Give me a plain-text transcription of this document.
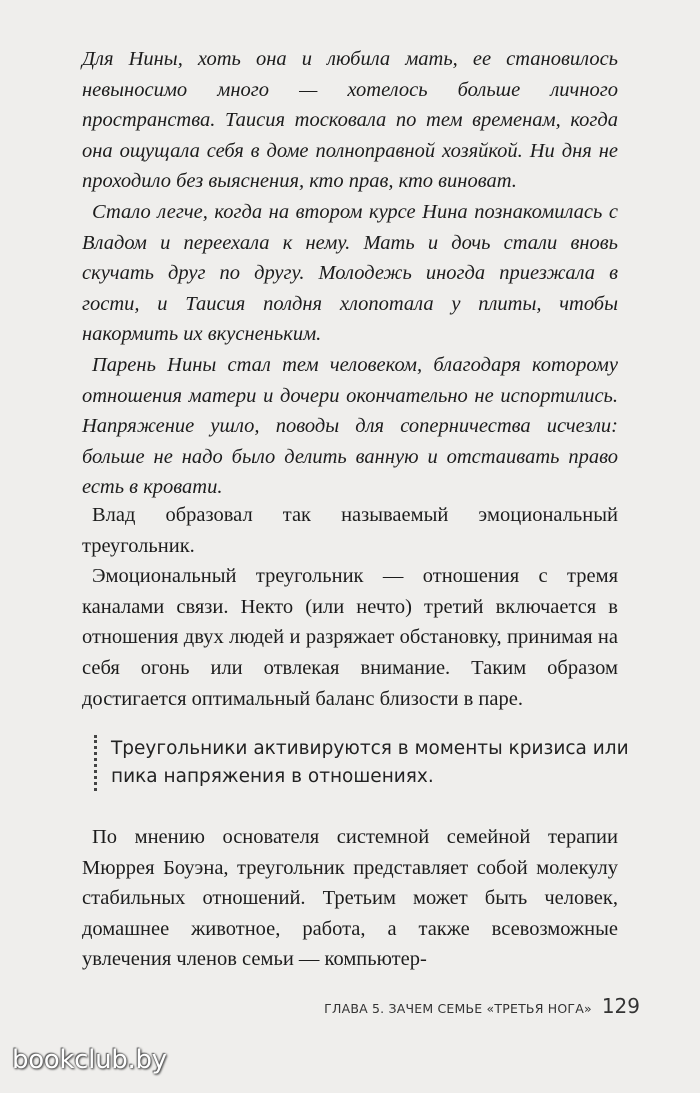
Для Нины, хоть она и любила мать, ее становилось невыносимо много — хотелось больше личного пространства. Таисия тосковала по тем временам, когда она ощущала себя в доме полноправной хозяйкой. Ни дня не проходило без выяснения, кто прав, кто виноват.

Стало легче, когда на втором курсе Нина познакомилась с Владом и переехала к нему. Мать и дочь стали вновь скучать друг по другу. Молодежь иногда приезжала в гости, и Таисия полдня хлопотала у плиты, чтобы накормить их вкусненьким.

Парень Нины стал тем человеком, благодаря которому отношения матери и дочери окончательно не испортились. Напряжение ушло, поводы для соперничества исчезли: больше не надо было делить ванную и отстаивать право есть в кровати.

Влад образовал так называемый эмоциональный треугольник.

Эмоциональный треугольник — отношения с тремя каналами связи. Некто (или нечто) третий включается в отношения двух людей и разряжает обстановку, принимая на себя огонь или отвлекая внимание. Таким образом достигается оптимальный баланс близости в паре.

Треугольники активируются в моменты кризиса или пика напряжения в отношениях.

По мнению основателя системной семейной терапии Мюррея Боуэна, треугольник представляет собой молекулу стабильных отношений. Третьим может быть человек, домашнее животное, работа, а также всевозможные увлечения членов семьи — компьютер-

ГЛАВА 5. ЗАЧЕМ СЕМЬЕ «ТРЕТЬЯ НОГА» 129
bookclub.by
